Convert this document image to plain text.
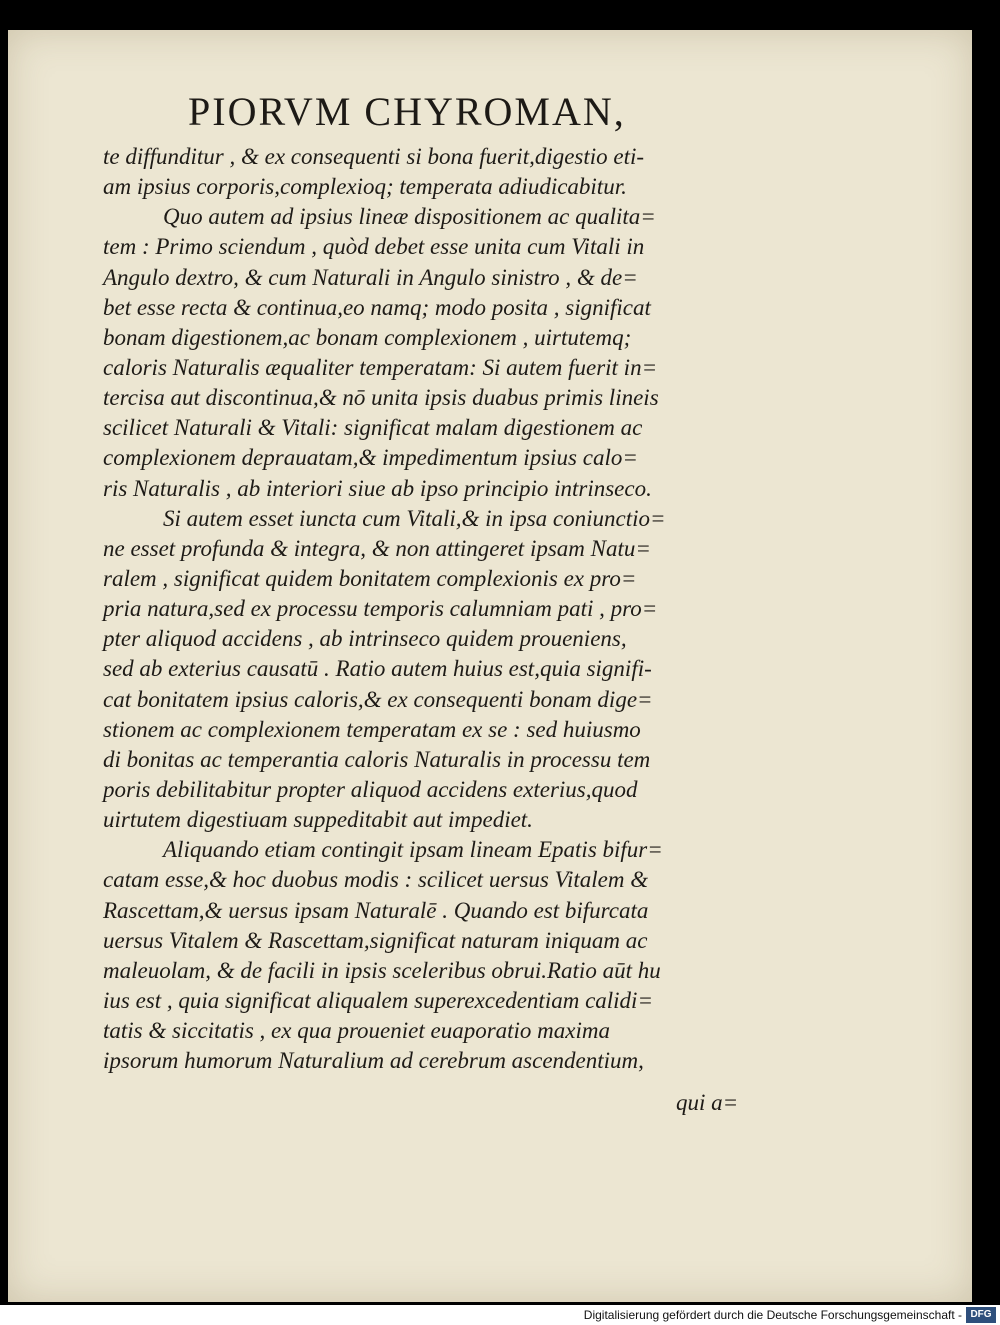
PIORVM CHYROMAN,
te diffunditur , & ex consequenti si bona fuerit,digestio eti-
am ipsius corporis,complexioq; temperata adiudicabitur.
Quo autem ad ipsius lineæ dispositionem ac qualita=
tem : Primo sciendum , quòd debet esse unita cum Vitali in
Angulo dextro, & cum Naturali in Angulo sinistro , & de=
bet esse recta & continua,eo namq; modo posita , significat
bonam digestionem,ac bonam complexionem , uirtutemq;
caloris Naturalis æqualiter temperatam: Si autem fuerit in=
tercisa aut discontinua,& nō unita ipsis duabus primis lineis
scilicet Naturali & Vitali: significat malam digestionem ac
complexionem deprauatam,& impedimentum ipsius calo=
ris Naturalis , ab interiori siue ab ipso principio intrinseco.
Si autem esset iuncta cum Vitali,& in ipsa coniunctio=
ne esset profunda & integra, & non attingeret ipsam Natu=
ralem , significat quidem bonitatem complexionis ex pro=
pria natura,sed ex processu temporis calumniam pati , pro=
pter aliquod accidens , ab intrinseco quidem proueniens,
sed ab exterius causatū . Ratio autem huius est,quia signifi-
cat bonitatem ipsius caloris,& ex consequenti bonam dige=
stionem ac complexionem temperatam ex se : sed huiusmo
di bonitas ac temperantia caloris Naturalis in processu tem
poris debilitabitur propter aliquod accidens exterius,quod
uirtutem digestiuam suppeditabit aut impediet.
Aliquando etiam contingit ipsam lineam Epatis bifur=
catam esse,& hoc duobus modis : scilicet uersus Vitalem &
Rascettam,& uersus ipsam Naturalē . Quando est bifurcata
uersus Vitalem & Rascettam,significat naturam iniquam ac
maleuolam, & de facili in ipsis sceleribus obrui.Ratio aūt hu
ius est , quia significat aliqualem superexcedentiam calidi=
tatis & siccitatis , ex qua proueniet euaporatio maxima
ipsorum humorum Naturalium ad cerebrum ascendentium,
qui a=
Digitalisierung gefördert durch die Deutsche Forschungsgemeinschaft - DFG
